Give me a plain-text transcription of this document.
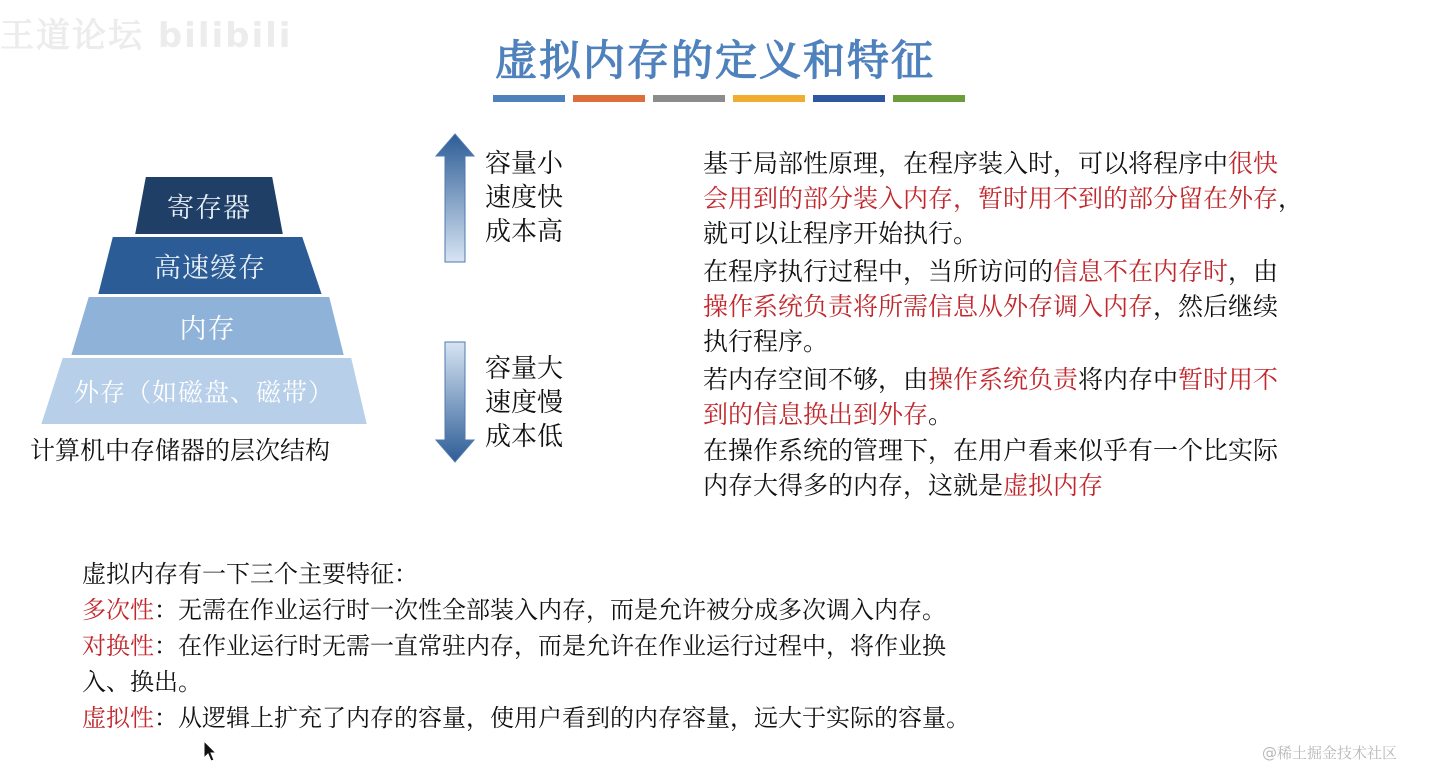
王道论坛 bilibili
@稀土掘金技术社区
虚拟内存的定义和特征
寄存器
高速缓存
内存
外存（如磁盘、磁带）
计算机中存储器的层次结构
容量小
速度快
成本高
容量大
速度慢
成本低
基于局部性原理，在程序装入时，可以将程序中很快
会用到的部分装入内存，暂时用不到的部分留在外存，
就可以让程序开始执行。
在程序执行过程中，当所访问的信息不在内存时，由
操作系统负责将所需信息从外存调入内存，然后继续
执行程序。
若内存空间不够，由操作系统负责将内存中暂时用不
到的信息换出到外存。
在操作系统的管理下，在用户看来似乎有一个比实际
内存大得多的内存，这就是虚拟内存
虚拟内存有一下三个主要特征：
多次性：无需在作业运行时一次性全部装入内存，而是允许被分成多次调入内存。
对换性：在作业运行时无需一直常驻内存，而是允许在作业运行过程中，将作业换
入、换出。
虚拟性：从逻辑上扩充了内存的容量，使用户看到的内存容量，远大于实际的容量。
